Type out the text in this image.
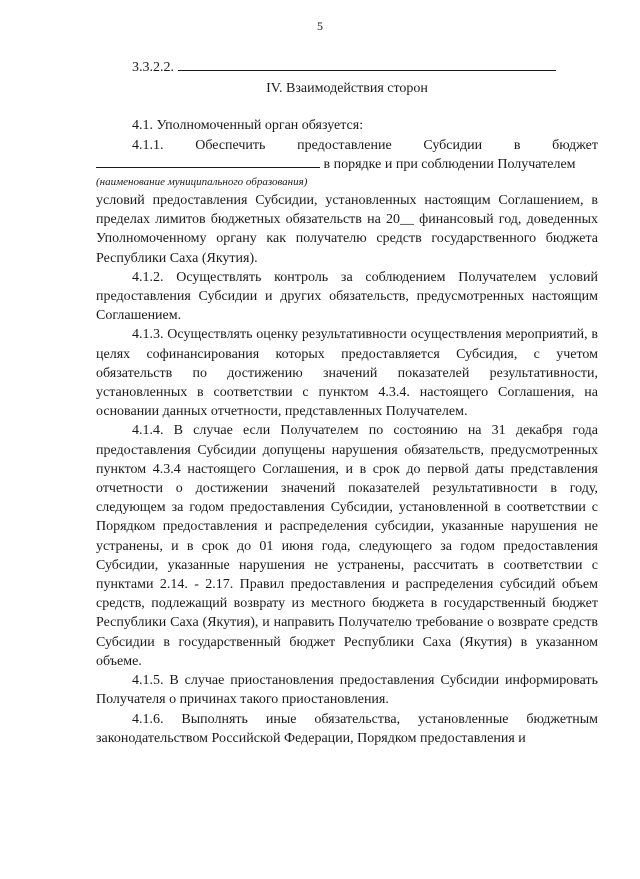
5

3.3.2.2.

IV. Взаимодействия сторон

4.1. Уполномоченный орган обязуется:

4.1.1. Обеспечить предоставление Субсидии в бюджет

в порядке и при соблюдении Получателем

(наименование муниципального образования)

условий предоставления Субсидии, установленных настоящим Соглашением, в пределах лимитов бюджетных обязательств на 20__ финансовый год, доведенных Уполномоченному органу как получателю средств государственного бюджета Республики Саха (Якутия).

4.1.2. Осуществлять контроль за соблюдением Получателем условий предоставления Субсидии и других обязательств, предусмотренных настоящим Соглашением.

4.1.3. Осуществлять оценку результативности осуществления мероприятий, в целях софинансирования которых предоставляется Субсидия, с учетом обязательств по достижению значений показателей результативности, установленных в соответствии с пунктом 4.3.4. настоящего Соглашения, на основании данных отчетности, представленных Получателем.

4.1.4. В случае если Получателем по состоянию на 31 декабря года предоставления Субсидии допущены нарушения обязательств, предусмотренных пунктом 4.3.4 настоящего Соглашения, и в срок до первой даты представления отчетности о достижении значений показателей результативности в году, следующем за годом предоставления Субсидии, установленной в соответствии с Порядком предоставления и распределения субсидии, указанные нарушения не устранены, и в срок до 01 июня года, следующего за годом предоставления Субсидии, указанные нарушения не устранены, рассчитать в соответствии с пунктами 2.14. - 2.17. Правил предоставления и распределения субсидий объем средств, подлежащий возврату из местного бюджета в государственный бюджет Республики Саха (Якутия), и направить Получателю требование о возврате средств Субсидии в государственный бюджет Республики Саха (Якутия) в указанном объеме.

4.1.5. В случае приостановления предоставления Субсидии информировать Получателя о причинах такого приостановления.

4.1.6. Выполнять иные обязательства, установленные бюджетным законодательством Российской Федерации, Порядком предоставления и
